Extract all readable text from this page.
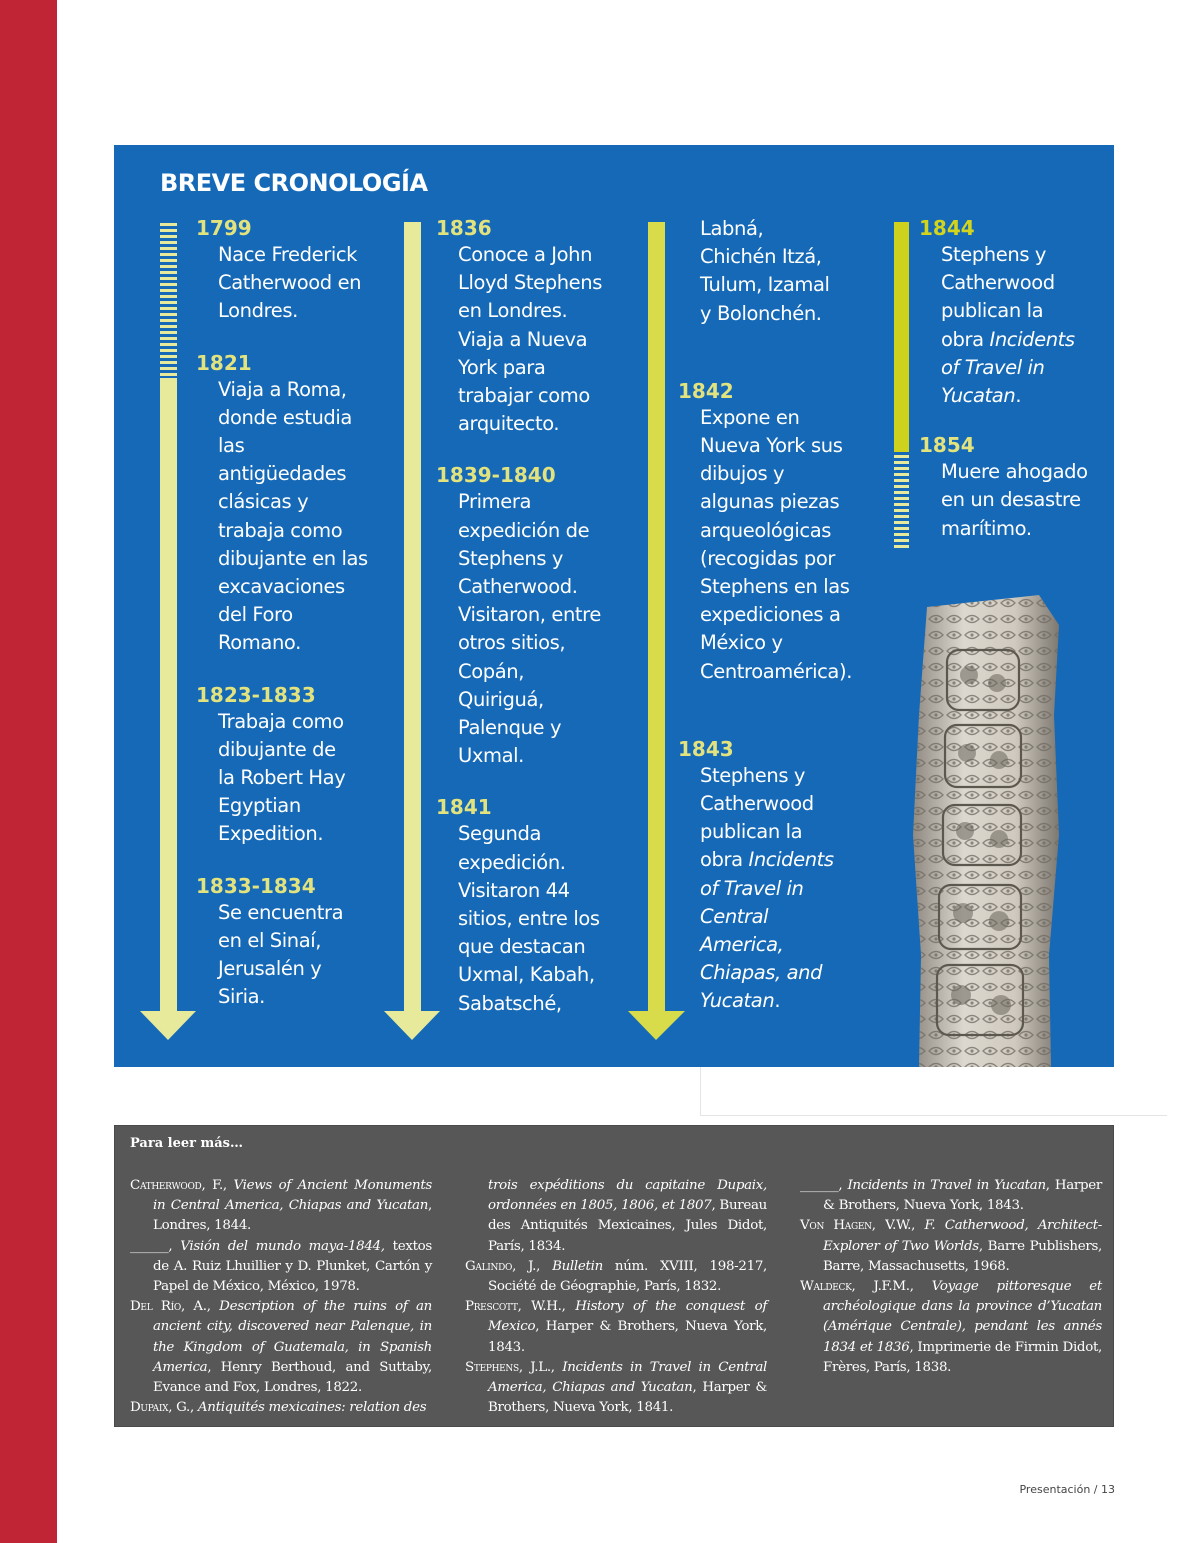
BREVE CRONOLOGÍA
1799
Nace Frederick Catherwood en Londres.
1821
Viaja a Roma, donde estudia las antigüedades clásicas y trabaja como dibujante en las excavaciones del Foro Romano.
1823-1833
Trabaja como dibujante de la Robert Hay Egyptian Expedition.
1833-1834
Se encuentra en el Sinaí, Jerusalén y Siria.
1836
Conoce a John Lloyd Stephens en Londres. Viaja a Nueva York para trabajar como arquitecto.
1839-1840
Primera expedición de Stephens y Catherwood. Visitaron, entre otros sitios, Copán, Quiriguá, Palenque y Uxmal.
1841
Segunda expedición. Visitaron 44 sitios, entre los que destacan Uxmal, Kabah, Sabatsché,
Labná, Chichén Itzá, Tulum, Izamal y Bolonchén.
1842
Expone en Nueva York sus dibujos y algunas piezas arqueológicas (recogidas por Stephens en las expediciones a México y Centroamérica).
1843
Stephens y Catherwood publican la obra Incidents of Travel in Central America, Chiapas, and Yucatan.
1844
Stephens y Catherwood publican la obra Incidents of Travel in Yucatan.
1854
Muere ahogado en un desastre marítimo.
Para leer más…
Catherwood, F., Views of Ancient Monuments in Central America, Chiapas and Yucatan, Londres, 1844.
______, Visión del mundo maya-1844, textos de A. Ruiz Lhuillier y D. Plunket, Cartón y Papel de México, México, 1978.
Del Río, A., Description of the ruins of an ancient city, discovered near Palenque, in the Kingdom of Guatemala, in Spanish America, Henry Berthoud, and Suttaby, Evance and Fox, Londres, 1822.
Dupaix, G., Antiquités mexicaines: relation des
trois expéditions du capitaine Dupaix, ordonnées en 1805, 1806, et 1807, Bureau des Antiquités Mexicaines, Jules Didot, París, 1834.
Galindo, J., Bulletin núm. XVIII, 198-217, Société de Géographie, París, 1832.
Prescott, W.H., History of the conquest of Mexico, Harper & Brothers, Nueva York, 1843.
Stephens, J.L., Incidents in Travel in Central America, Chiapas and Yucatan, Harper & Brothers, Nueva York, 1841.
______, Incidents in Travel in Yucatan, Harper & Brothers, Nueva York, 1843.
Von Hagen, V.W., F. Catherwood, Architect-Explorer of Two Worlds, Barre Publishers, Barre, Massachusetts, 1968.
Waldeck, J.F.M., Voyage pittoresque et archéologique dans la province d’Yucatan (Amérique Centrale), pendant les annés 1834 et 1836, Imprimerie de Firmin Didot, Frères, París, 1838.
Presentación / 13
